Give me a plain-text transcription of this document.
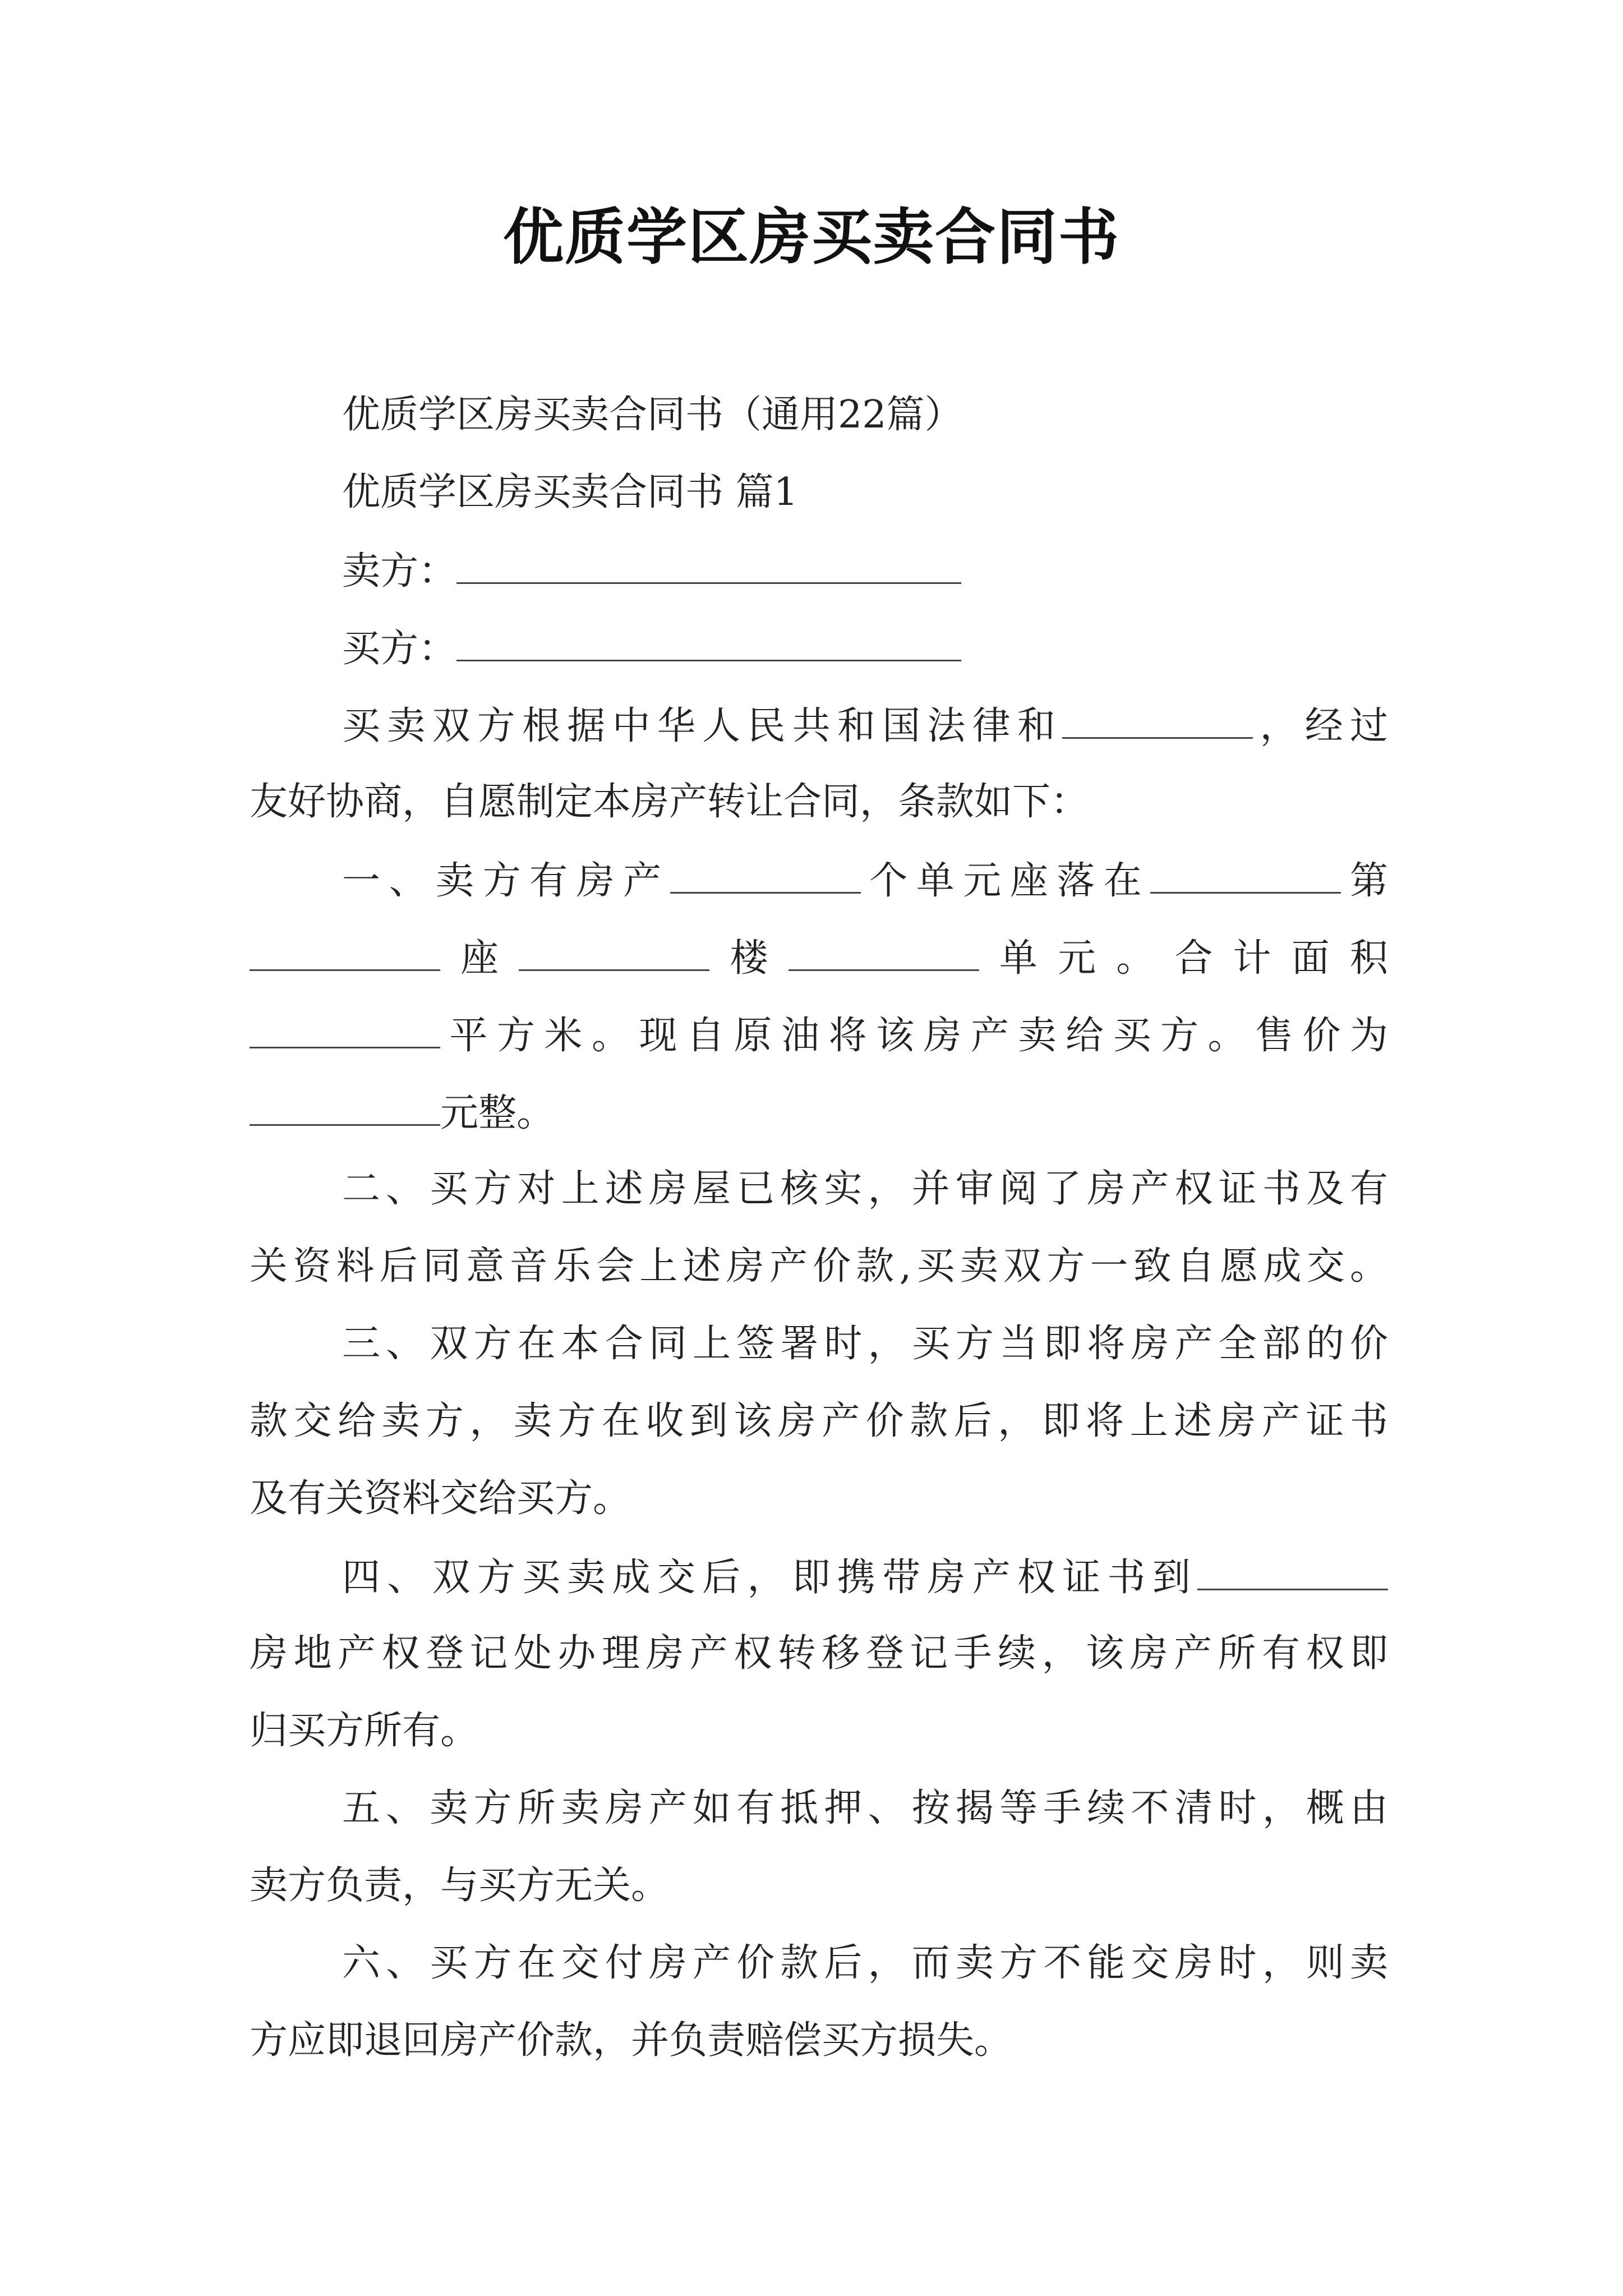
优质学区房买卖合同书
优质学区房买卖合同书（通用22篇）
优质学区房买卖合同书 篇1
卖方：
买方：
买卖双方根据中华人民共和国法律和	，经过
友好协商，自愿制定本房产转让合同，条款如下：
一、卖方有房产	个单元座落在	第
座	楼	单元。合计面积
平方米。现自原油将该房产卖给买方。售价为
元整。
二、买方对上述房屋已核实，并审阅了房产权证书及有
关资料后同意音乐会上述房产价款,买卖双方一致自愿成交。
三、双方在本合同上签署时，买方当即将房产全部的价
款交给卖方，卖方在收到该房产价款后，即将上述房产证书
及有关资料交给买方。
四、双方买卖成交后，即携带房产权证书到
房地产权登记处办理房产权转移登记手续，该房产所有权即
归买方所有。
五、卖方所卖房产如有抵押、按揭等手续不清时，概由
卖方负责，与买方无关。
六、买方在交付房产价款后，而卖方不能交房时，则卖
方应即退回房产价款，并负责赔偿买方损失。
